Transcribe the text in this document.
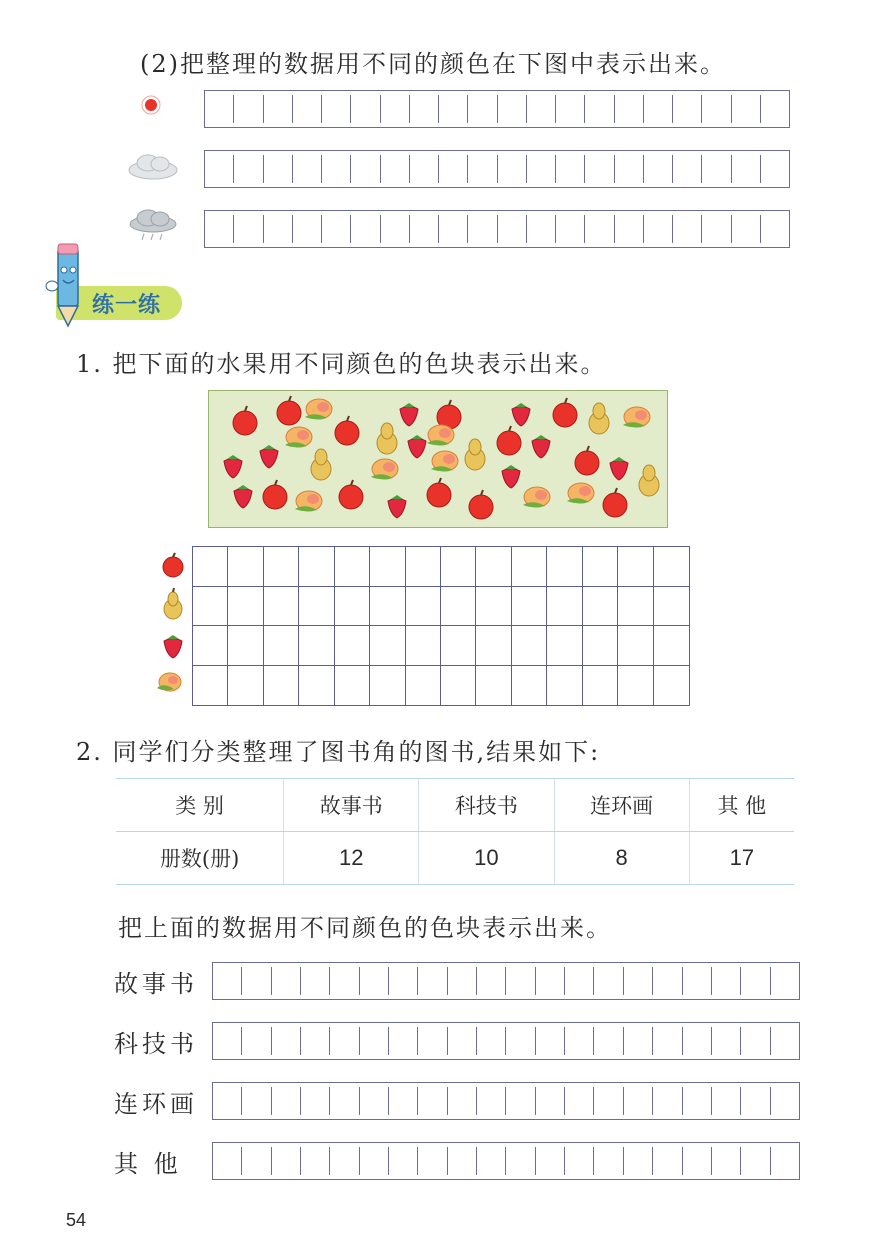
(2)把整理的数据用不同的颜色在下图中表示出来。
练一练
1. 把下面的水果用不同颜色的色块表示出来。
2. 同学们分类整理了图书角的图书,结果如下:
类 别	故事书	科技书	连环画	其 他
册数(册)	12	10	8	17
把上面的数据用不同颜色的色块表示出来。
故事书
科技书
连环画
其 他
54
